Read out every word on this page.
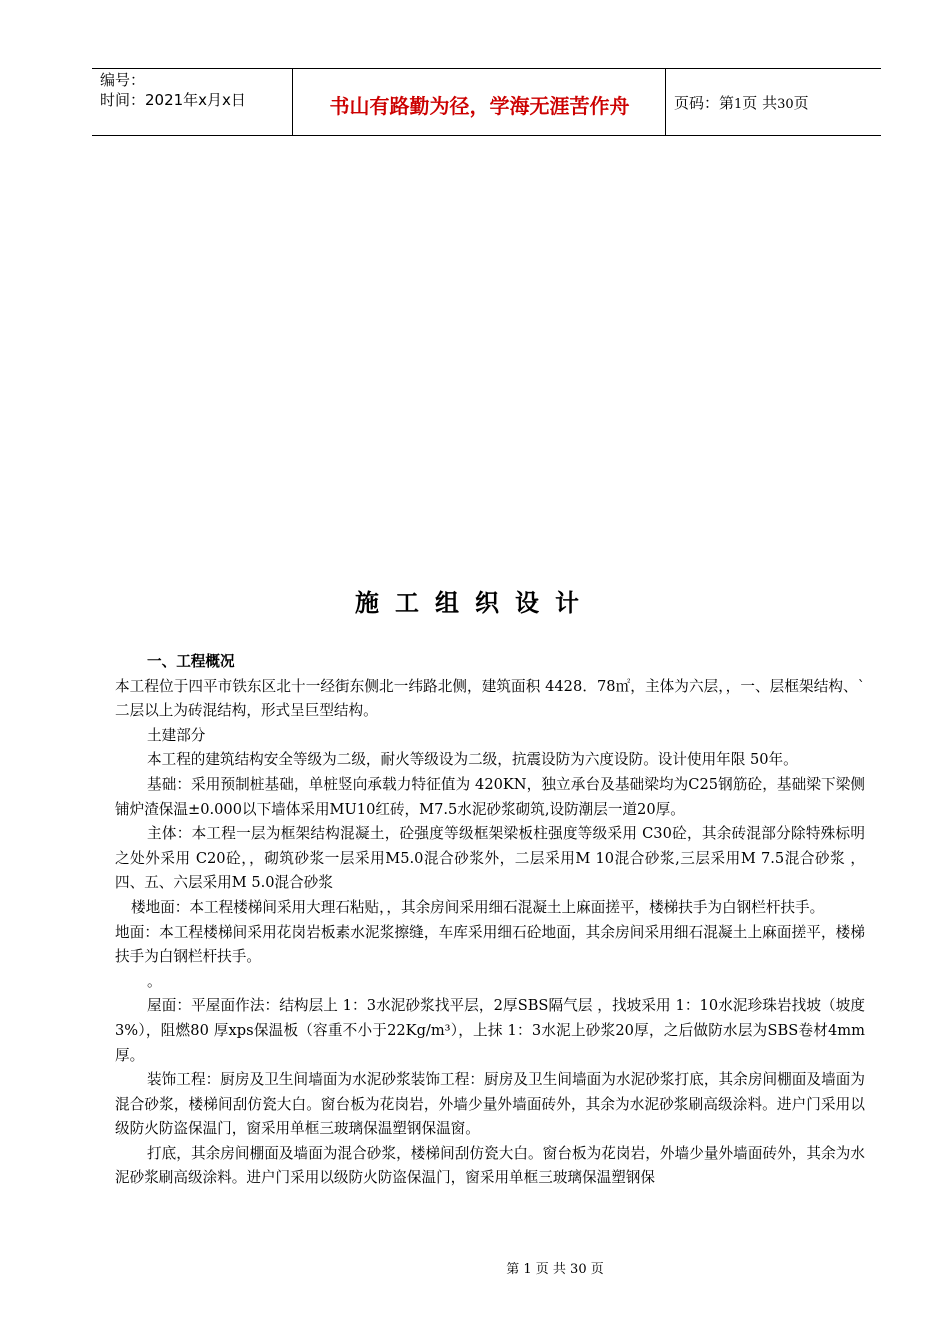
编号：
时间：2021年x月x日	书山有路勤为径，学海无涯苦作舟	页码：第1页 共30页
施工组织设计

一、工程概况

本工程位于四平市铁东区北十一经街东侧北一纬路北侧，建筑面积 4428．78㎡，主体为六层，，一、层框架结构、`二层以上为砖混结构，形式呈巨型结构。

土建部分

本工程的建筑结构安全等级为二级，耐火等级设为二级，抗震设防为六度设防。设计使用年限 50年。

基础：采用预制桩基础，单桩竖向承载力特征值为 420KN，独立承台及基础梁均为C25钢筋砼，基础梁下梁侧铺炉渣保温±0.000以下墙体采用MU10红砖，M7.5水泥砂浆砌筑,设防潮层一道20厚。

主体：本工程一层为框架结构混凝土，砼强度等级框架梁板柱强度等级采用 C30砼，其余砖混部分除特殊标明之处外采用 C20砼，，砌筑砂浆一层采用M5.0混合砂浆外，二层采用M 10混合砂浆,三层采用M 7.5混合砂浆 ，四、五、六层采用M 5.0混合砂浆

楼地面：本工程楼梯间采用大理石粘贴，，其余房间采用细石混凝土上麻面搓平，楼梯扶手为白钢栏杆扶手。

地面：本工程楼梯间采用花岗岩板素水泥浆擦缝，车库采用细石砼地面，其余房间采用细石混凝土上麻面搓平，楼梯扶手为白钢栏杆扶手。

。

屋面：平屋面作法：结构层上 1：3水泥砂浆找平层，2厚SBS隔气层 ，找坡采用 1：10水泥珍珠岩找坡（坡度3%），阻燃80 厚xps保温板（容重不小于22Kg/m³），上抹 1：3水泥上砂浆20厚，之后做防水层为SBS卷材4mm厚。

装饰工程：厨房及卫生间墙面为水泥砂浆装饰工程：厨房及卫生间墙面为水泥砂浆打底，其余房间棚面及墙面为混合砂浆，楼梯间刮仿瓷大白。窗台板为花岗岩，外墙少量外墙面砖外，其余为水泥砂浆刷高级涂料。进户门采用以级防火防盗保温门，窗采用单框三玻璃保温塑钢保温窗。

打底，其余房间棚面及墙面为混合砂浆，楼梯间刮仿瓷大白。窗台板为花岗岩，外墙少量外墙面砖外，其余为水泥砂浆刷高级涂料。进户门采用以级防火防盗保温门，窗采用单框三玻璃保温塑钢保

第 1 页 共 30 页
